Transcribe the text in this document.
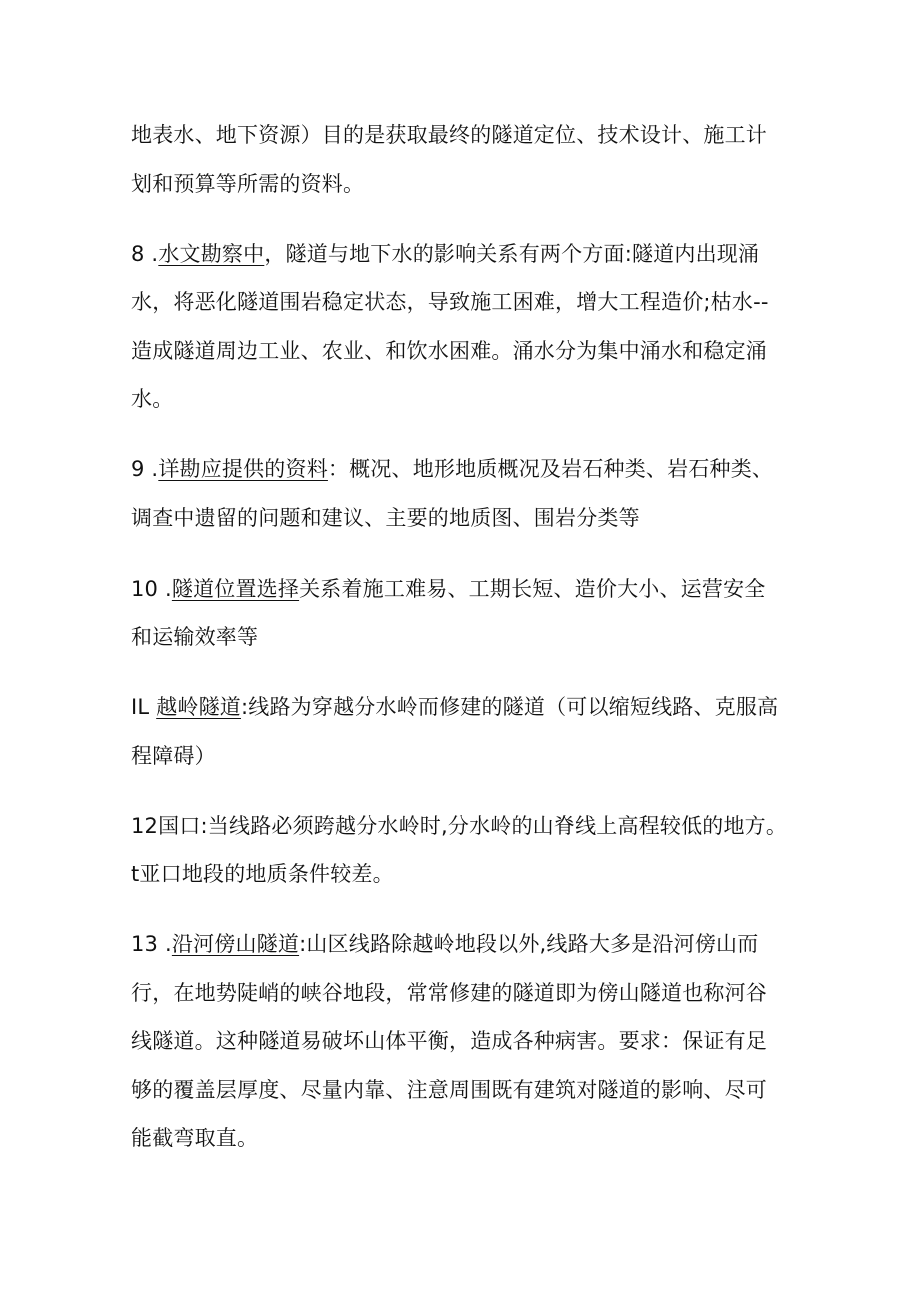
地表水、地下资源）目的是获取最终的隧道定位、技术设计、施工计
划和预算等所需的资料。
8 .水文勘察中，隧道与地下水的影响关系有两个方面:隧道内出现涌
水，将恶化隧道围岩稳定状态，导致施工困难，增大工程造价;枯水--
造成隧道周边工业、农业、和饮水困难。涌水分为集中涌水和稳定涌
水。
9 .详勘应提供的资料：概况、地形地质概况及岩石种类、岩石种类、
调查中遗留的问题和建议、主要的地质图、围岩分类等
10 .隧道位置选择关系着施工难易、工期长短、造价大小、运营安全
和运输效率等
IL 越岭隧道:线路为穿越分水岭而修建的隧道（可以缩短线路、克服高
程障碍）
12国口:当线路必须跨越分水岭时,分水岭的山脊线上高程较低的地方。
t亚口地段的地质条件较差。
13 .沿河傍山隧道:山区线路除越岭地段以外,线路大多是沿河傍山而
行，在地势陡峭的峡谷地段，常常修建的隧道即为傍山隧道也称河谷
线隧道。这种隧道易破坏山体平衡，造成各种病害。要求：保证有足
够的覆盖层厚度、尽量内靠、注意周围既有建筑对隧道的影响、尽可
能截弯取直。
